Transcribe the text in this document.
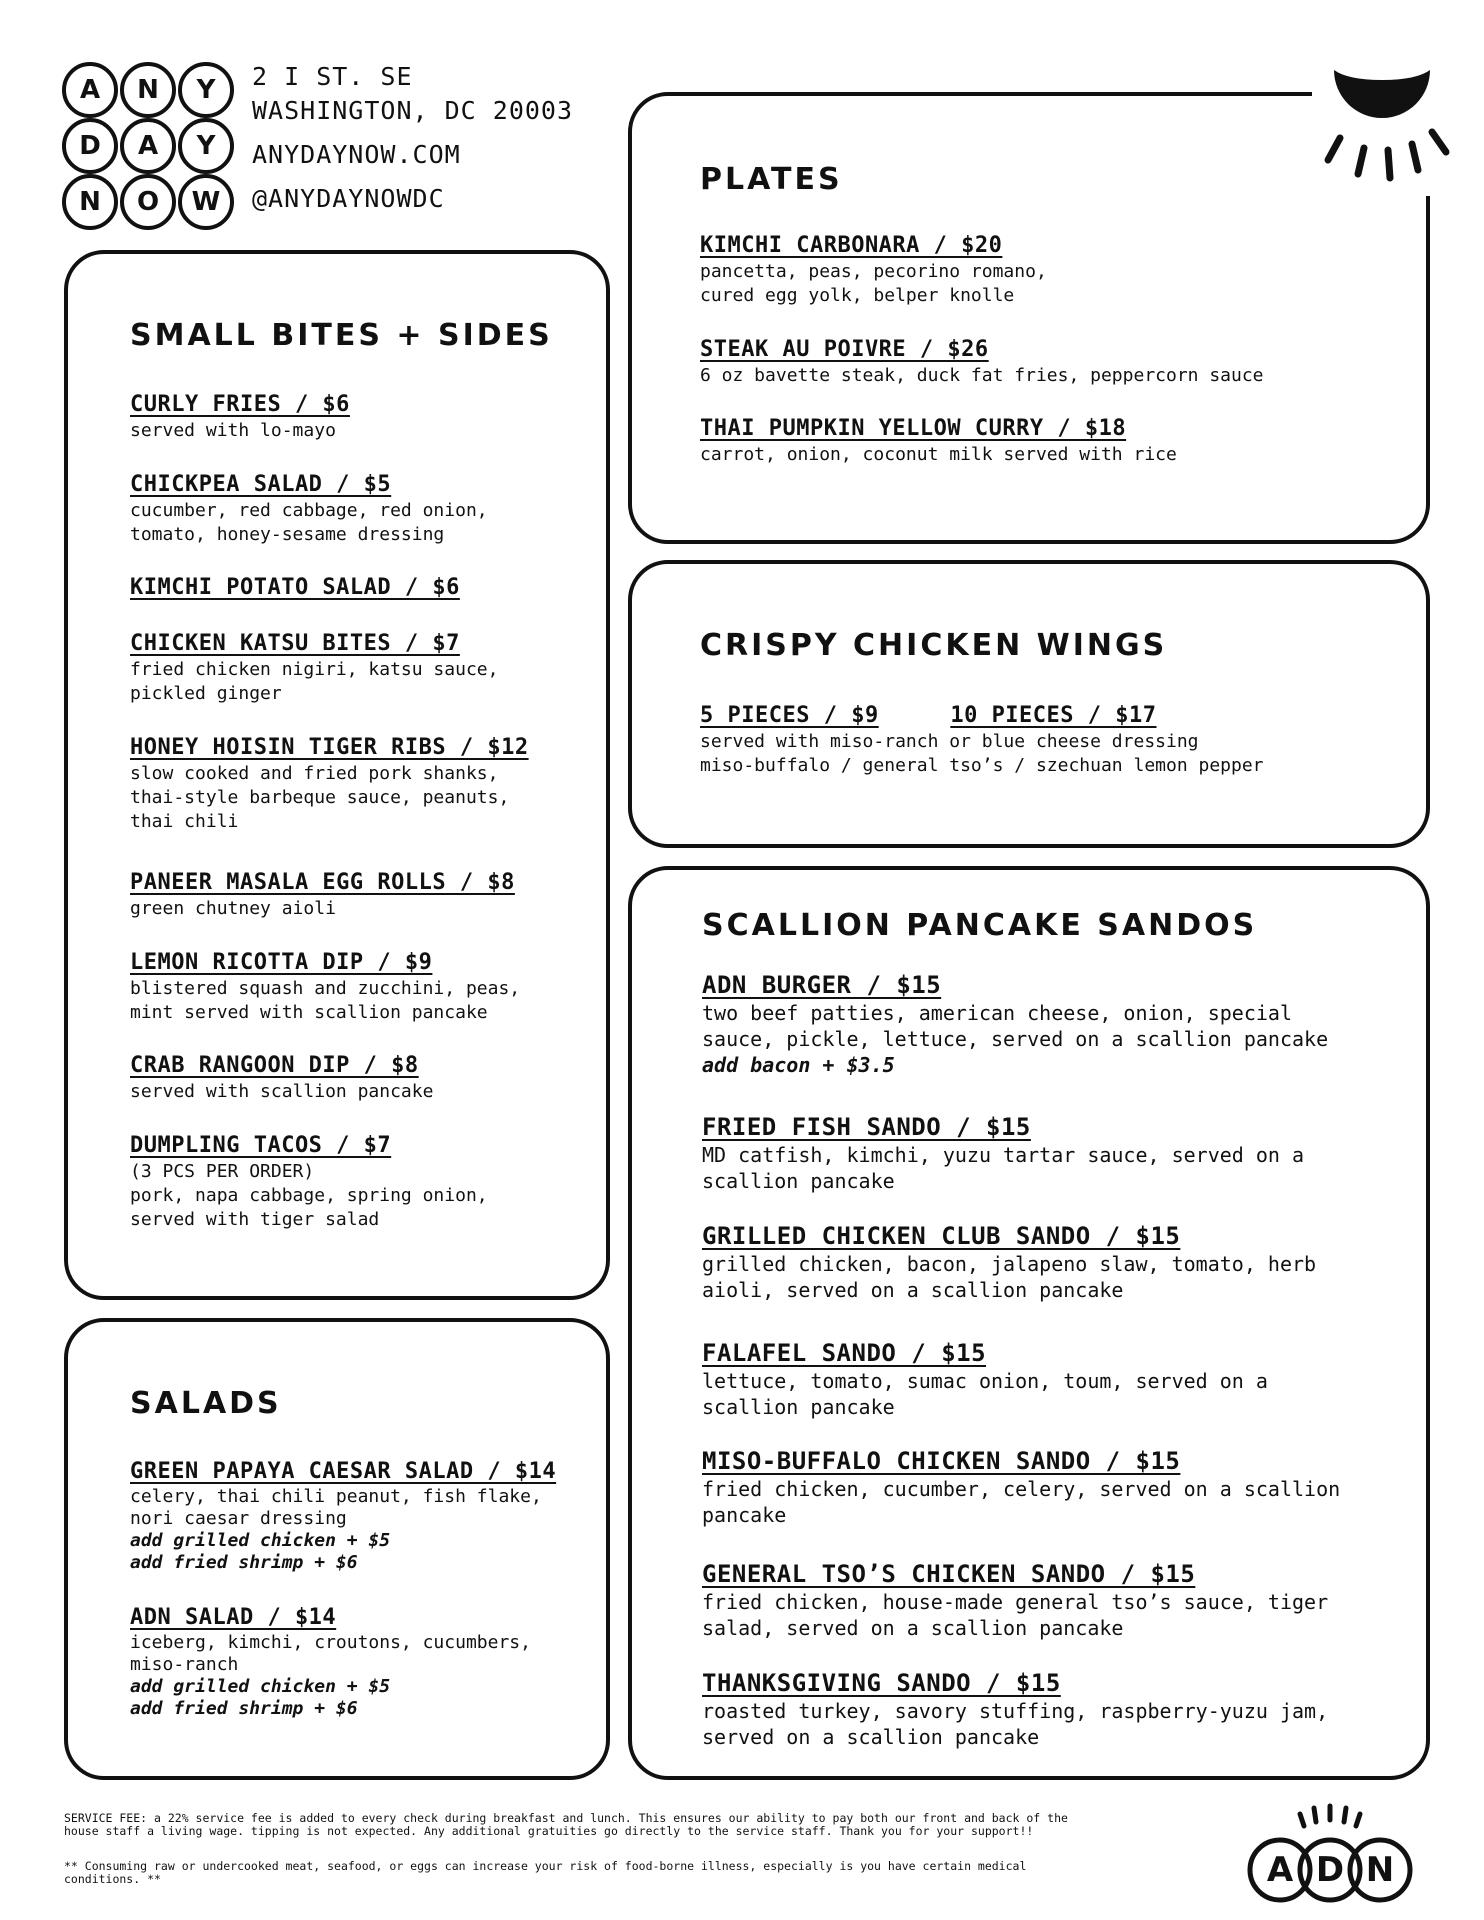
A	N	Y
D	A	Y
N	O	W
2 I ST. SE
WASHINGTON, DC 20003
ANYDAYNOW.COM
@ANYDAYNOWDC
SMALL BITES + SIDES
CURLY FRIES / $6
served with lo-mayo
CHICKPEA SALAD / $5
cucumber, red cabbage, red onion,
tomato, honey-sesame dressing
KIMCHI POTATO SALAD / $6
CHICKEN KATSU BITES / $7
fried chicken nigiri, katsu sauce,
pickled ginger
HONEY HOISIN TIGER RIBS / $12
slow cooked and fried pork shanks,
thai-style barbeque sauce, peanuts,
thai chili
PANEER MASALA EGG ROLLS / $8
green chutney aioli
LEMON RICOTTA DIP / $9
blistered squash and zucchini, peas,
mint served with scallion pancake
CRAB RANGOON DIP / $8
served with scallion pancake
DUMPLING TACOS / $7
(3 PCS PER ORDER)
pork, napa cabbage, spring onion,
served with tiger salad
SALADS
GREEN PAPAYA CAESAR SALAD / $14
celery, thai chili peanut, fish flake,
nori caesar dressing
add grilled chicken + $5
add fried shrimp + $6
ADN SALAD / $14
iceberg, kimchi, croutons, cucumbers,
miso-ranch
add grilled chicken + $5
add fried shrimp + $6
PLATES
KIMCHI CARBONARA / $20
pancetta, peas, pecorino romano,
cured egg yolk, belper knolle
STEAK AU POIVRE / $26
6 oz bavette steak, duck fat fries, peppercorn sauce
THAI PUMPKIN YELLOW CURRY / $18
carrot, onion, coconut milk served with rice
CRISPY CHICKEN WINGS
5 PIECES / $9	10 PIECES / $17
served with miso-ranch or blue cheese dressing
miso-buffalo / general tso’s / szechuan lemon pepper
SCALLION PANCAKE SANDOS
ADN BURGER / $15
two beef patties, american cheese, onion, special
sauce, pickle, lettuce, served on a scallion pancake
add bacon + $3.5
FRIED FISH SANDO / $15
MD catfish, kimchi, yuzu tartar sauce, served on a
scallion pancake
GRILLED CHICKEN CLUB SANDO / $15
grilled chicken, bacon, jalapeno slaw, tomato, herb
aioli, served on a scallion pancake
FALAFEL SANDO / $15
lettuce, tomato, sumac onion, toum, served on a
scallion pancake
MISO-BUFFALO CHICKEN SANDO / $15
fried chicken, cucumber, celery, served on a scallion
pancake
GENERAL TSO’S CHICKEN SANDO / $15
fried chicken, house-made general tso’s sauce, tiger
salad, served on a scallion pancake
THANKSGIVING SANDO / $15
roasted turkey, savory stuffing, raspberry-yuzu jam,
served on a scallion pancake
SERVICE FEE: a 22% service fee is added to every check during breakfast and lunch. This ensures our ability to pay both our front and back of the
house staff a living wage. tipping is not expected. Any additional gratuities go directly to the service staff. Thank you for your support!!
** Consuming raw or undercooked meat, seafood, or eggs can increase your risk of food-borne illness, especially is you have certain medical
conditions. **	A D N
